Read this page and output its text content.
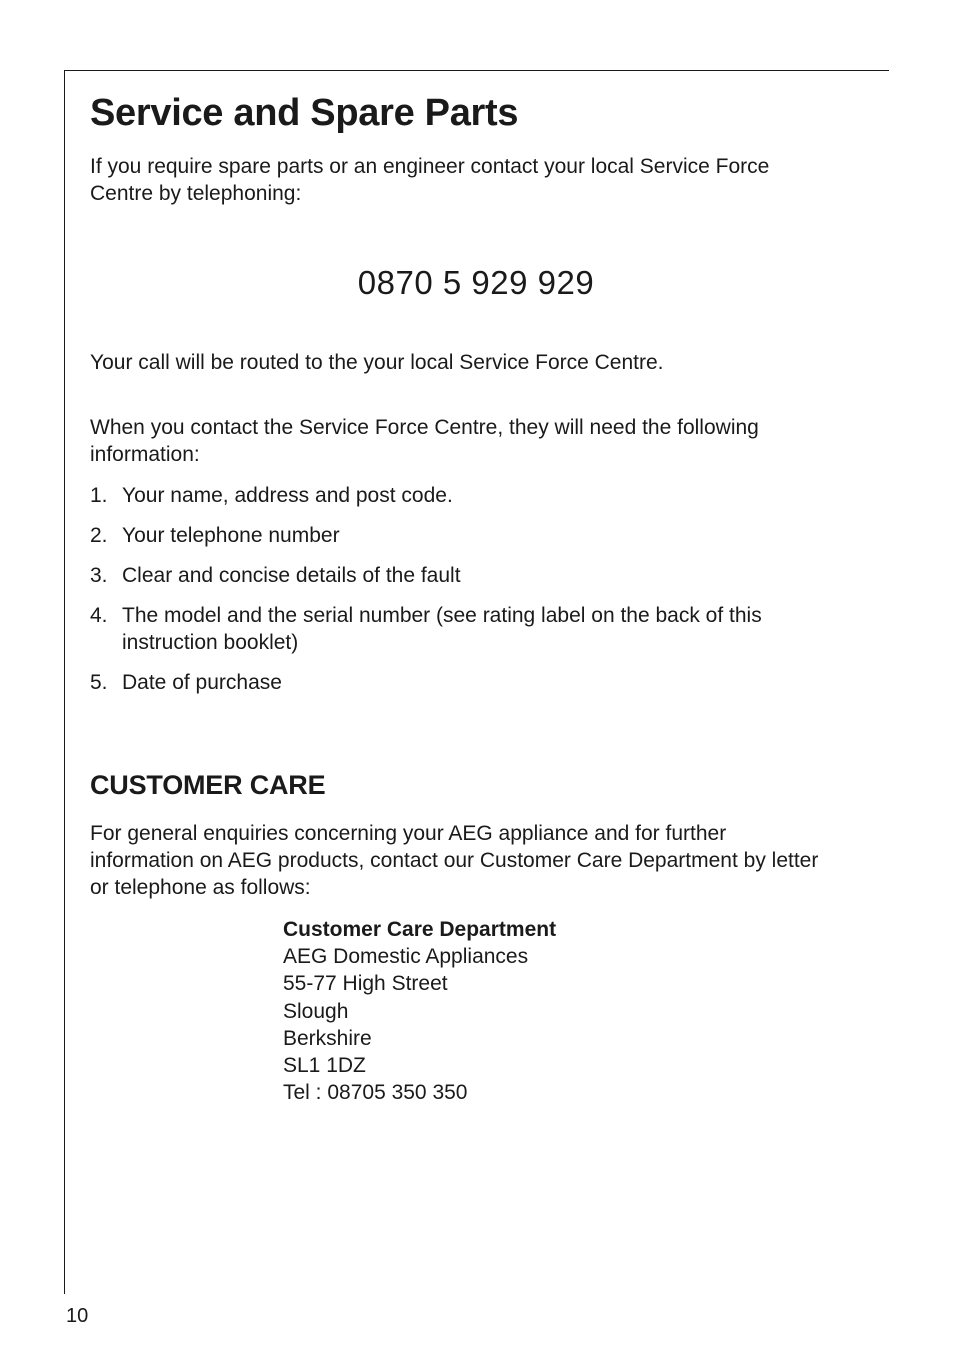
Service and Spare Parts

If you require spare parts or an engineer contact your local Service Force Centre by telephoning:

0870 5 929 929

Your call will be routed to the your local Service Force Centre.

When you contact the Service Force Centre, they will need the following information:

1. Your name, address and post code.
2. Your telephone number
3. Clear and concise details of the fault
4. The model and the serial number (see rating label on the back of this instruction booklet)
5. Date of purchase
CUSTOMER CARE

For general enquiries concerning your AEG appliance and for further information on AEG products, contact our Customer Care Department by letter or telephone as follows:

Customer Care Department
AEG Domestic Appliances
55-77 High Street
Slough
Berkshire
SL1 1DZ
Tel : 08705 350 350
10
